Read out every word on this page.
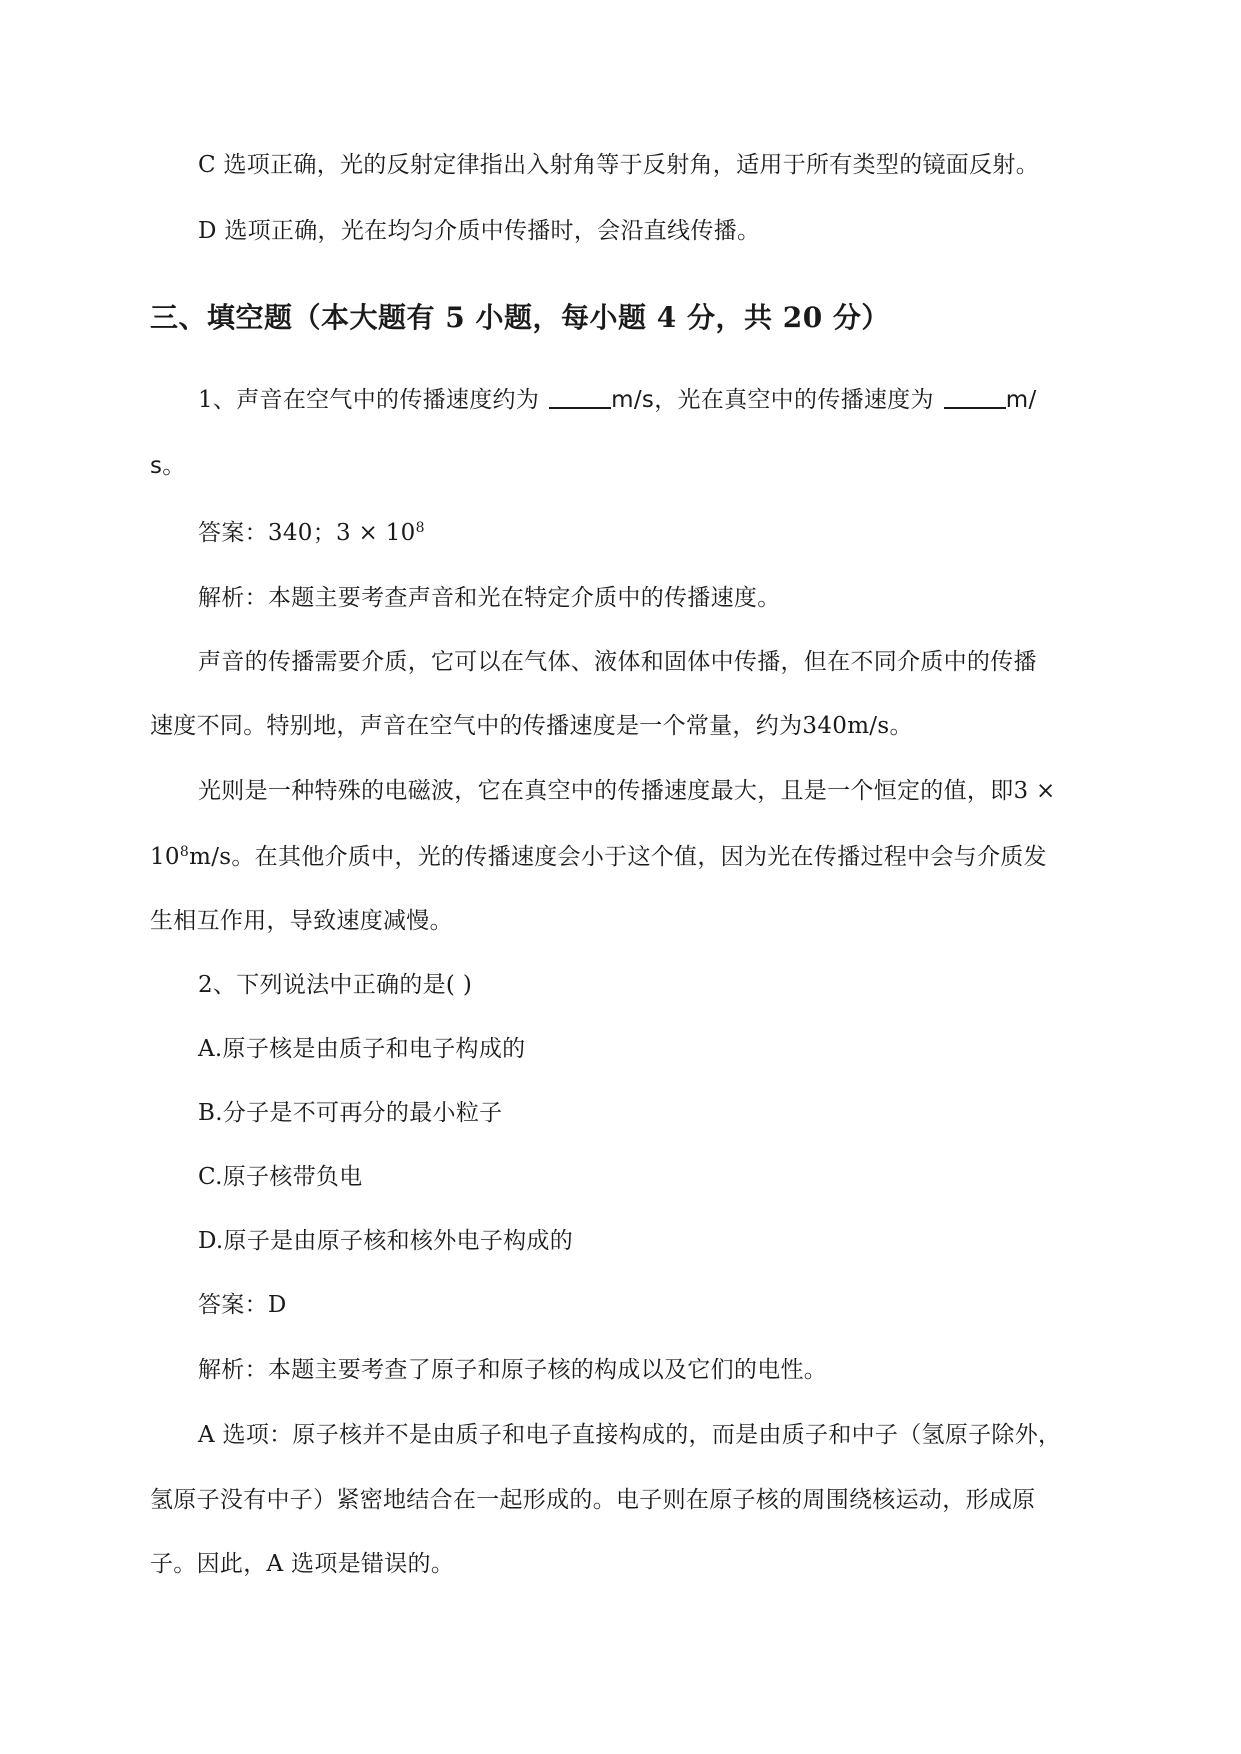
C 选项正确，光的反射定律指出入射角等于反射角，适用于所有类型的镜面反射。
D 选项正确，光在均匀介质中传播时，会沿直线传播。
三、填空题（本大题有 5 小题，每小题 4 分，共 20 分）
1、声音在空气中的传播速度约为	m/s，光在真空中的传播速度为	m/
s。
答案：340；$3 \times 10^8$
解析：本题主要考查声音和光在特定介质中的传播速度。
声音的传播需要介质，它可以在气体、液体和固体中传播，但在不同介质中的传播
速度不同。特别地，声音在空气中的传播速度是一个常量，约为340m/s。
光则是一种特殊的电磁波，它在真空中的传播速度最大，且是一个恒定的值，即3 ×
$10^8m/s$。在其他介质中，光的传播速度会小于这个值，因为光在传播过程中会与介质发
生相互作用，导致速度减慢。
2、下列说法中正确的是( )
A.原子核是由质子和电子构成的
B.分子是不可再分的最小粒子
C.原子核带负电
D.原子是由原子核和核外电子构成的
答案：D
解析：本题主要考查了原子和原子核的构成以及它们的电性。
A 选项：原子核并不是由质子和电子直接构成的，而是由质子和中子（氢原子除外，
氢原子没有中子）紧密地结合在一起形成的。电子则在原子核的周围绕核运动，形成原
子。因此，A 选项是错误的。
